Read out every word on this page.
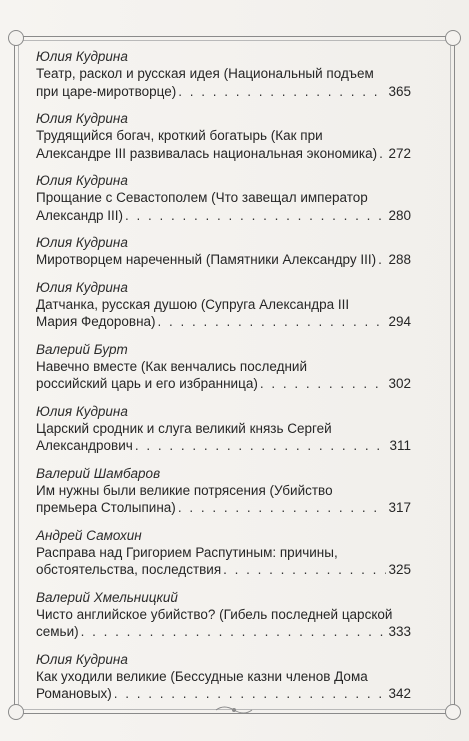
Юлия Кудрина
Театр, раскол и русская идея (Национальный подъем
при царе-миротворце) . . .	365
Юлия Кудрина
Трудящийся богач, кроткий богатырь (Как при
Александре III развивалась национальная экономика) . . . 272
Юлия Кудрина
Прощание с Севастополем (Что завещал император
Александр III) . . .	280
Юлия Кудрина
Миротворцем нареченный (Памятники Александру III) . . . 288
Юлия Кудрина
Датчанка, русская душою (Супруга Александра III
Мария Федоровна) . . .	294
Валерий Бурт
Навечно вместе (Как венчались последний
российский царь и его избранница) . . .	302
Юлия Кудрина
Царский сродник и слуга великий князь Сергей
Александрович . . .	311
Валерий Шамбаров
Им нужны были великие потрясения (Убийство
премьера Столыпина) . . .	317
Андрей Самохин
Расправа над Григорием Распутиным: причины,
обстоятельства, последствия . . .	325
Валерий Хмельницкий
Чисто английское убийство? (Гибель последней царской
семьи) . . .	333
Юлия Кудрина
Как уходили великие (Бессудные казни членов Дома
Романовых) . . .	342
